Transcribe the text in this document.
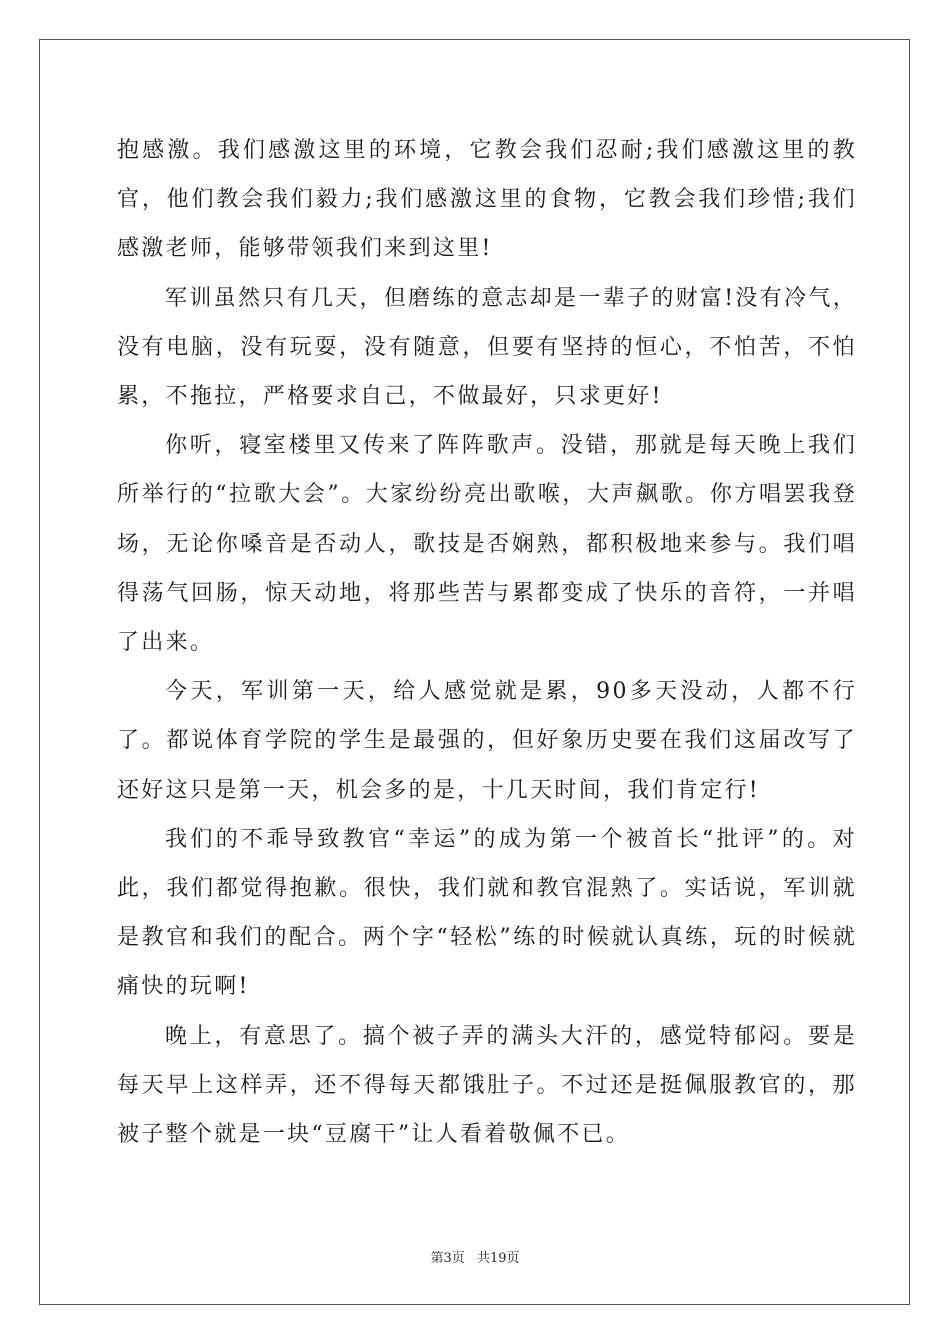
抱感激。我们感激这里的环境，它教会我们忍耐;我们感激这里的教官，他们教会我们毅力;我们感激这里的食物，它教会我们珍惜;我们感激老师，能够带领我们来到这里!

军训虽然只有几天，但磨练的意志却是一辈子的财富!没有冷气，没有电脑，没有玩耍，没有随意，但要有坚持的恒心，不怕苦，不怕累，不拖拉，严格要求自己，不做最好，只求更好!

你听，寝室楼里又传来了阵阵歌声。没错，那就是每天晚上我们所举行的“拉歌大会”。大家纷纷亮出歌喉，大声飙歌。你方唱罢我登场，无论你嗓音是否动人，歌技是否娴熟，都积极地来参与。我们唱得荡气回肠，惊天动地，将那些苦与累都变成了快乐的音符，一并唱了出来。

今天，军训第一天，给人感觉就是累，90多天没动，人都不行了。都说体育学院的学生是最强的，但好象历史要在我们这届改写了还好这只是第一天，机会多的是，十几天时间，我们肯定行!

我们的不乖导致教官“幸运”的成为第一个被首长“批评”的。对此，我们都觉得抱歉。很快，我们就和教官混熟了。实话说，军训就是教官和我们的配合。两个字“轻松”练的时候就认真练，玩的时候就痛快的玩啊!

晚上，有意思了。搞个被子弄的满头大汗的，感觉特郁闷。要是每天早上这样弄，还不得每天都饿肚子。不过还是挺佩服教官的，那被子整个就是一块“豆腐干”让人看着敬佩不已。

第3页 共19页
